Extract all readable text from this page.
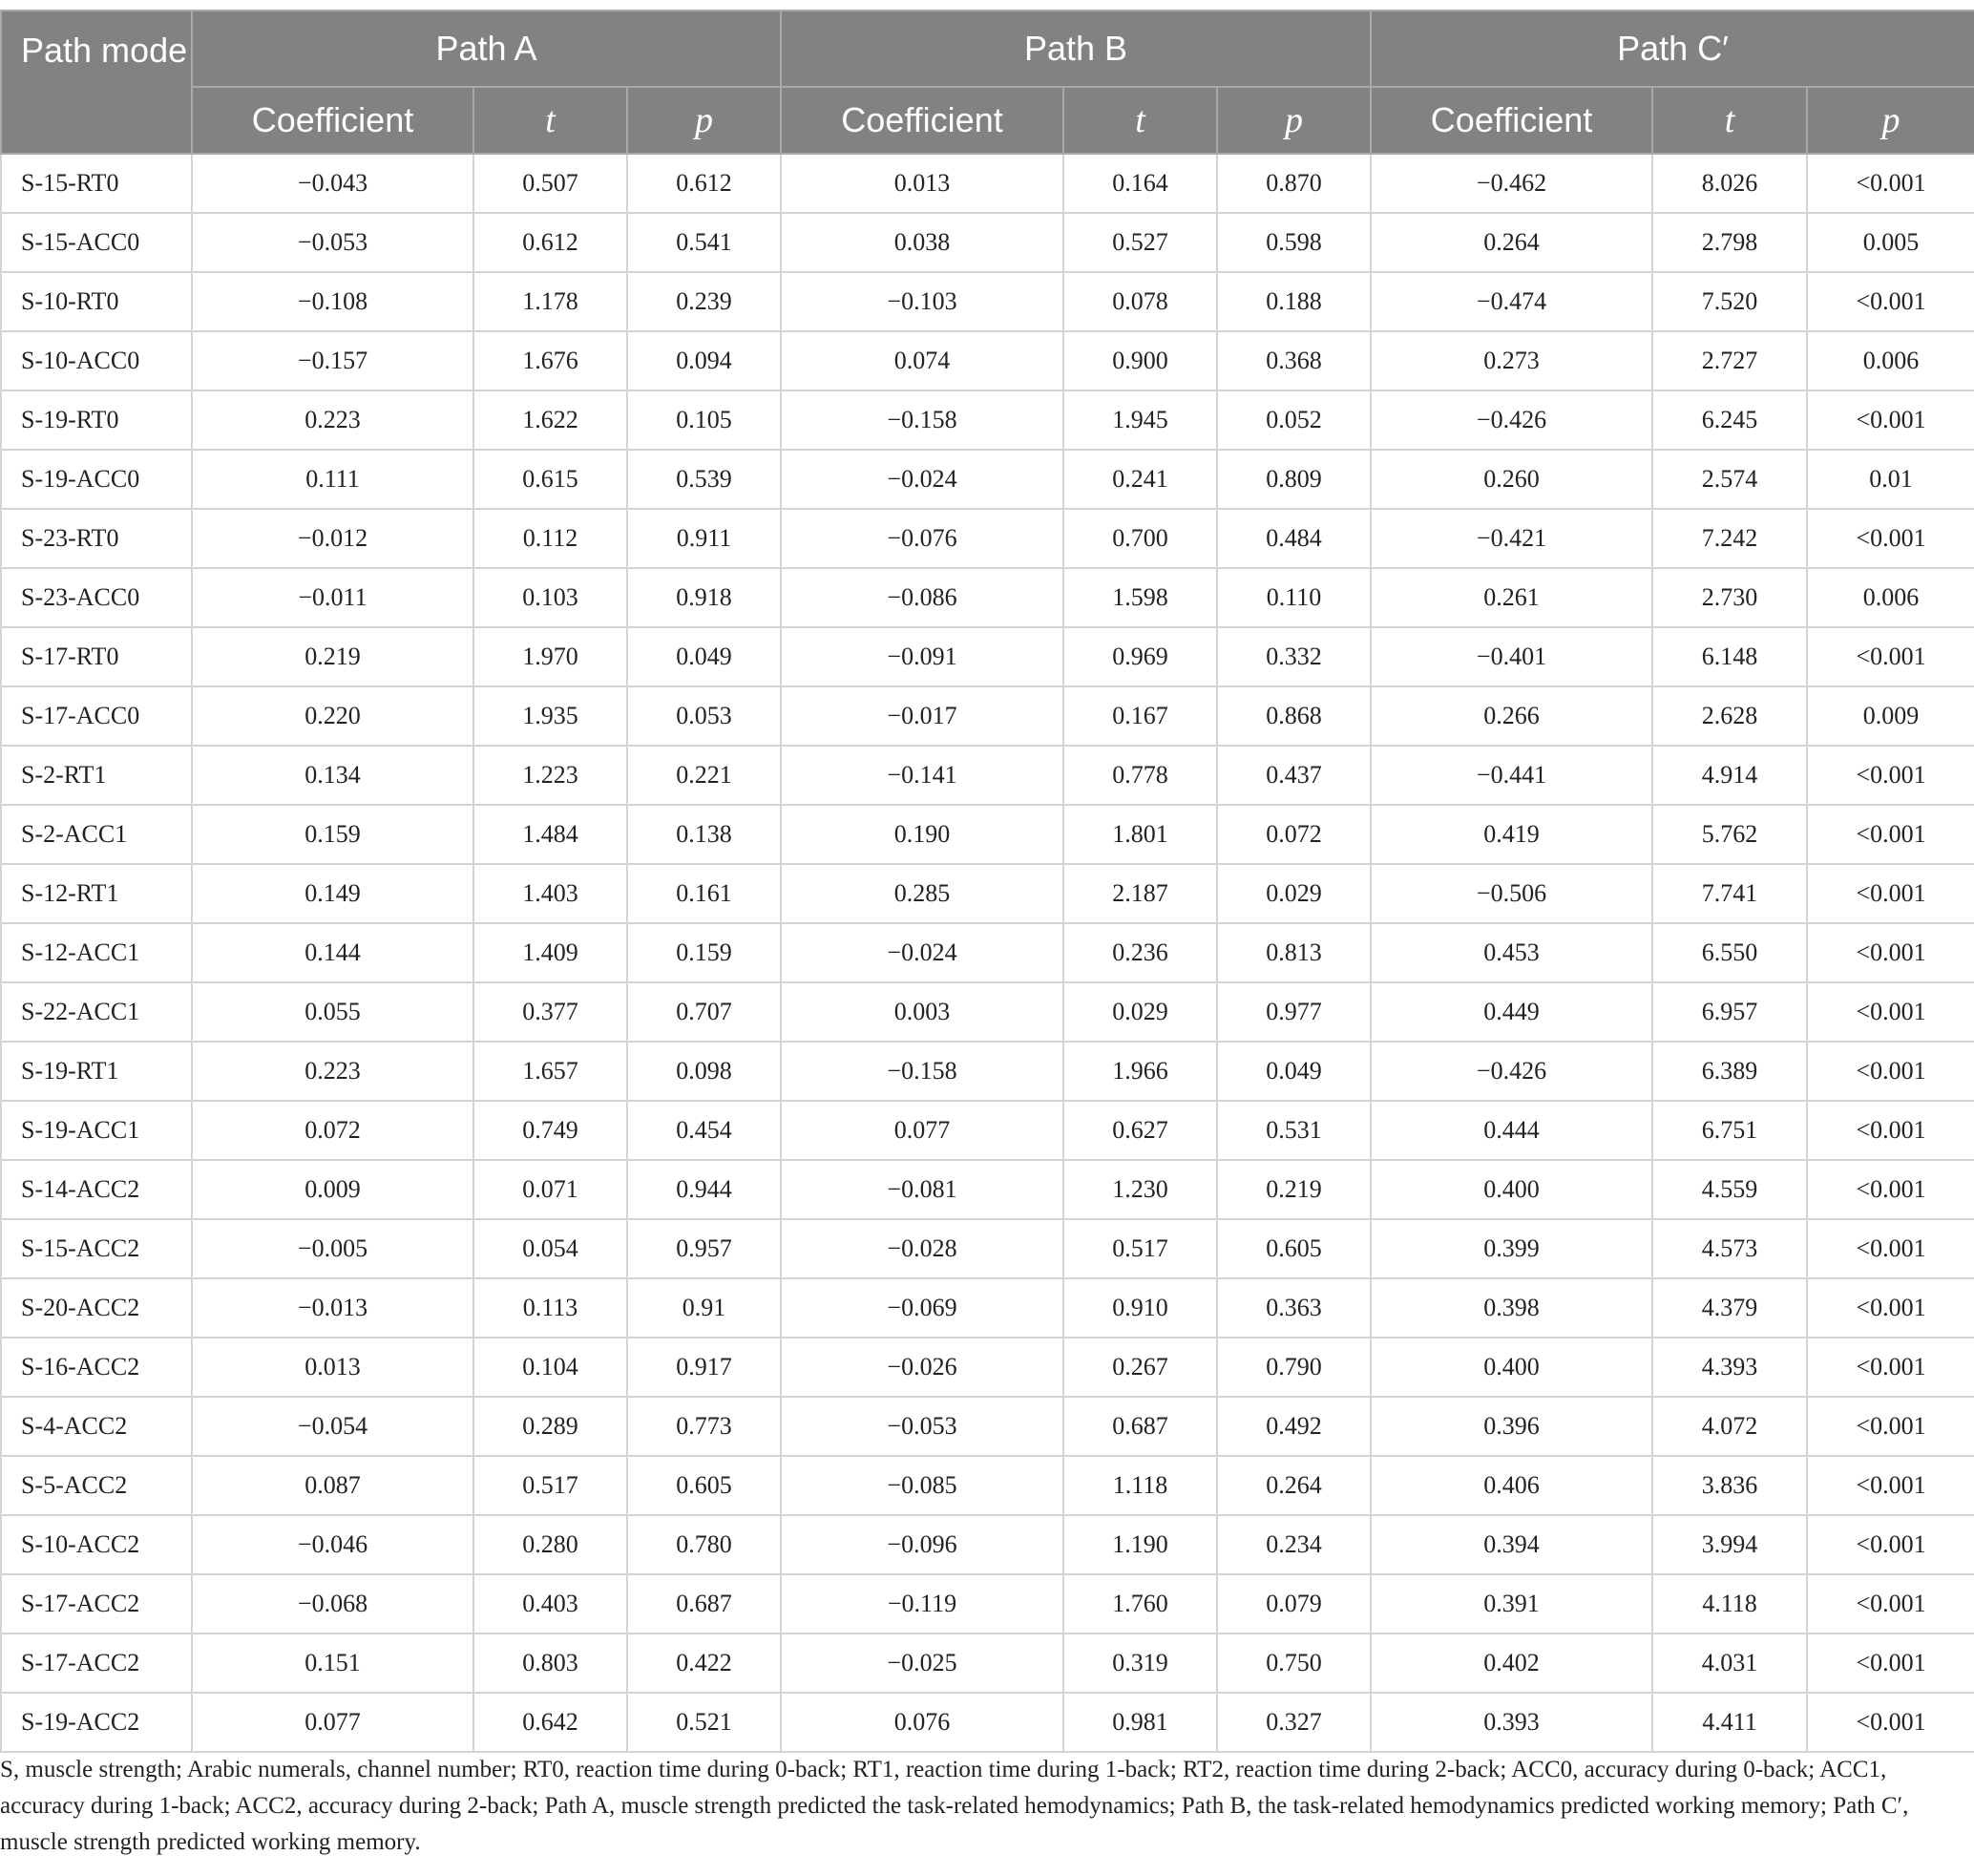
Path mode	Path A			Path B			Path C′		
	Coefficient	t	p	Coefficient	t	p	Coefficient	t	p
S-15-RT0	−0.043	0.507	0.612	0.013	0.164	0.870	−0.462	8.026	<0.001
S-15-ACC0	−0.053	0.612	0.541	0.038	0.527	0.598	0.264	2.798	0.005
S-10-RT0	−0.108	1.178	0.239	−0.103	0.078	0.188	−0.474	7.520	<0.001
S-10-ACC0	−0.157	1.676	0.094	0.074	0.900	0.368	0.273	2.727	0.006
S-19-RT0	0.223	1.622	0.105	−0.158	1.945	0.052	−0.426	6.245	<0.001
S-19-ACC0	0.111	0.615	0.539	−0.024	0.241	0.809	0.260	2.574	0.01
S-23-RT0	−0.012	0.112	0.911	−0.076	0.700	0.484	−0.421	7.242	<0.001
S-23-ACC0	−0.011	0.103	0.918	−0.086	1.598	0.110	0.261	2.730	0.006
S-17-RT0	0.219	1.970	0.049	−0.091	0.969	0.332	−0.401	6.148	<0.001
S-17-ACC0	0.220	1.935	0.053	−0.017	0.167	0.868	0.266	2.628	0.009
S-2-RT1	0.134	1.223	0.221	−0.141	0.778	0.437	−0.441	4.914	<0.001
S-2-ACC1	0.159	1.484	0.138	0.190	1.801	0.072	0.419	5.762	<0.001
S-12-RT1	0.149	1.403	0.161	0.285	2.187	0.029	−0.506	7.741	<0.001
S-12-ACC1	0.144	1.409	0.159	−0.024	0.236	0.813	0.453	6.550	<0.001
S-22-ACC1	0.055	0.377	0.707	0.003	0.029	0.977	0.449	6.957	<0.001
S-19-RT1	0.223	1.657	0.098	−0.158	1.966	0.049	−0.426	6.389	<0.001
S-19-ACC1	0.072	0.749	0.454	0.077	0.627	0.531	0.444	6.751	<0.001
S-14-ACC2	0.009	0.071	0.944	−0.081	1.230	0.219	0.400	4.559	<0.001
S-15-ACC2	−0.005	0.054	0.957	−0.028	0.517	0.605	0.399	4.573	<0.001
S-20-ACC2	−0.013	0.113	0.91	−0.069	0.910	0.363	0.398	4.379	<0.001
S-16-ACC2	0.013	0.104	0.917	−0.026	0.267	0.790	0.400	4.393	<0.001
S-4-ACC2	−0.054	0.289	0.773	−0.053	0.687	0.492	0.396	4.072	<0.001
S-5-ACC2	0.087	0.517	0.605	−0.085	1.118	0.264	0.406	3.836	<0.001
S-10-ACC2	−0.046	0.280	0.780	−0.096	1.190	0.234	0.394	3.994	<0.001
S-17-ACC2	−0.068	0.403	0.687	−0.119	1.760	0.079	0.391	4.118	<0.001
S-17-ACC2	0.151	0.803	0.422	−0.025	0.319	0.750	0.402	4.031	<0.001
S-19-ACC2	0.077	0.642	0.521	0.076	0.981	0.327	0.393	4.411	<0.001
S, muscle strength; Arabic numerals, channel number; RT0, reaction time during 0-back; RT1, reaction time during 1-back; RT2, reaction time during 2-back; ACC0, accuracy during 0-back; ACC1, accuracy during 1-back; ACC2, accuracy during 2-back; Path A, muscle strength predicted the task-related hemodynamics; Path B, the task-related hemodynamics predicted working memory; Path C′, muscle strength predicted working memory.
